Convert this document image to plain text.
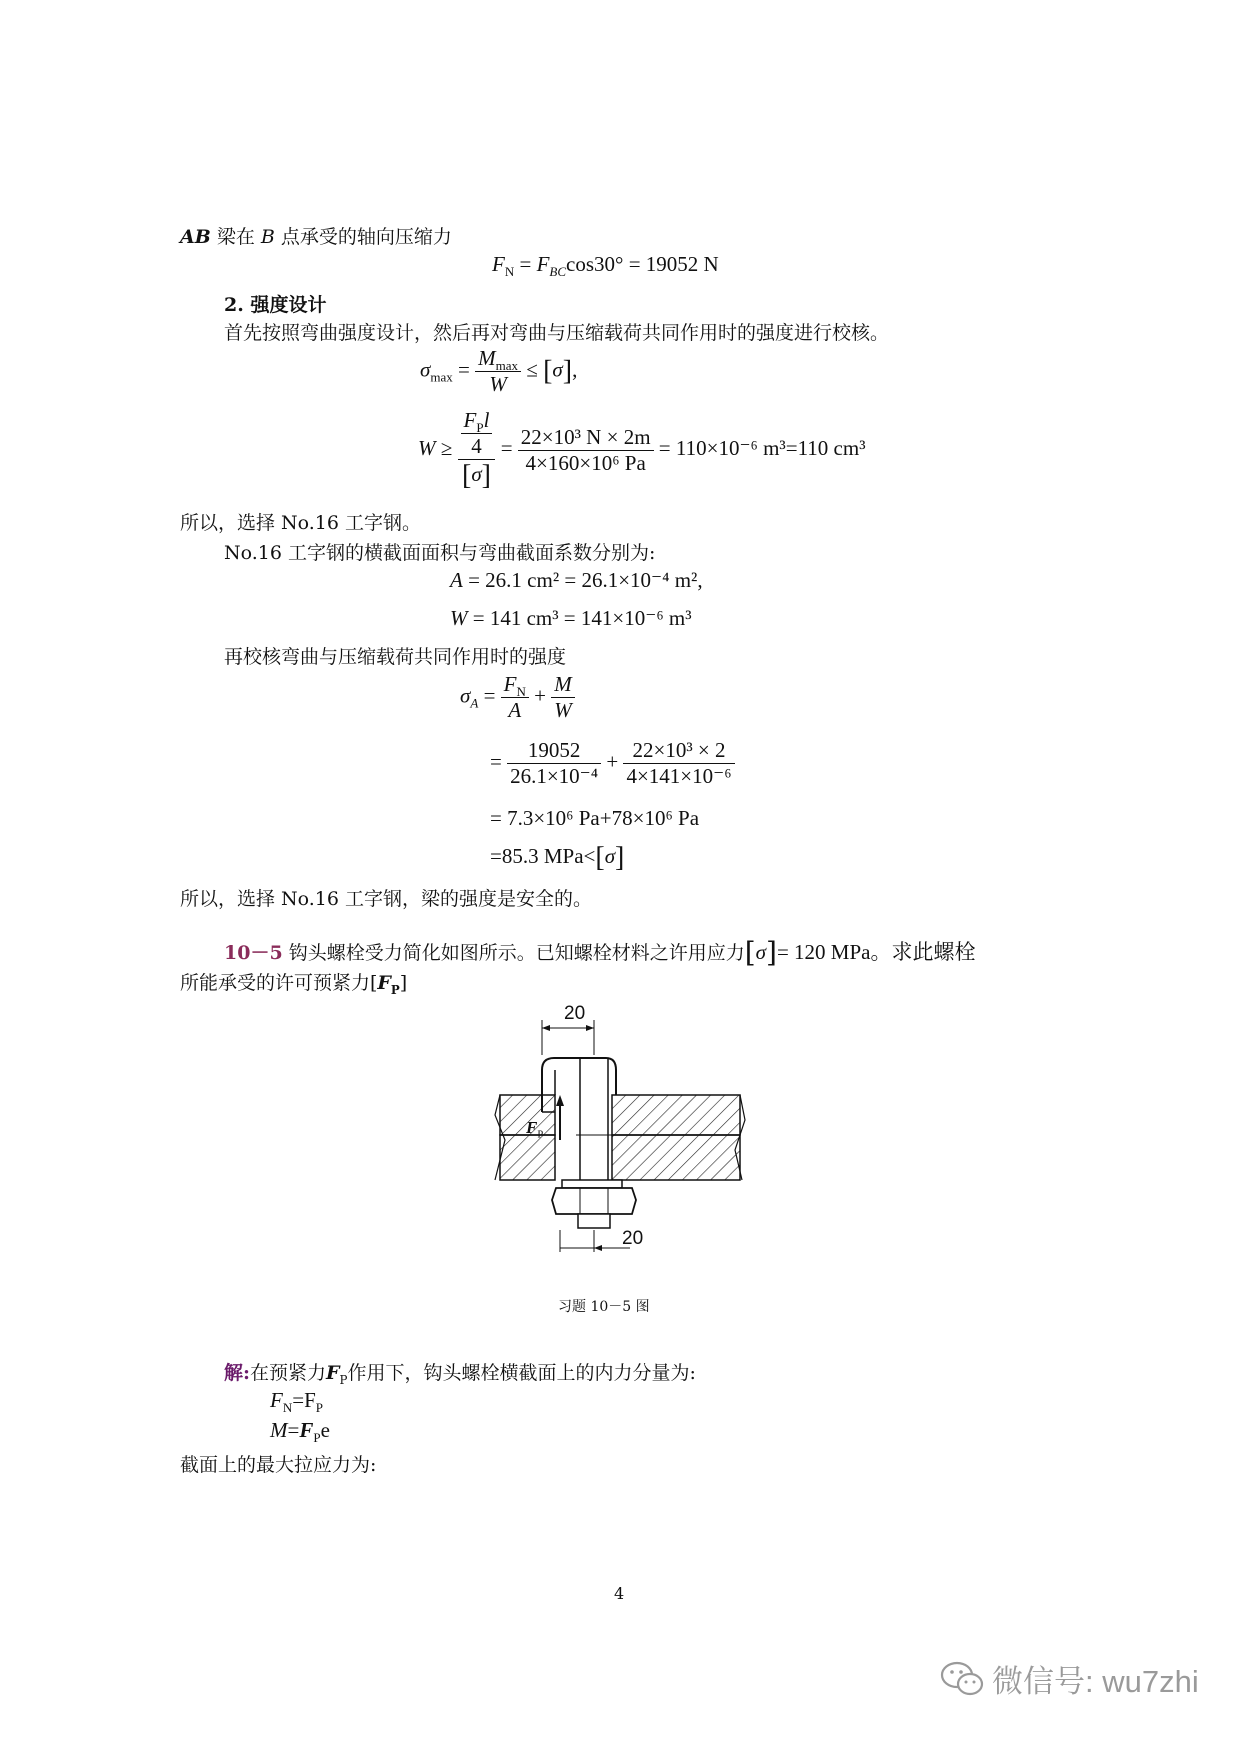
AB 梁在 B 点承受的轴向压缩力
$F_N = F_{BC}\cos 30^\circ = 19052$ N
2. 强度设计
首先按照弯曲强度设计，然后再对弯曲与压缩载荷共同作用时的强度进行校核。
$\sigma_{max} = \frac{M_{max}}{W} \le [\sigma]$,
$W \ge \frac{\frac{F_Pl}{4}}{[\sigma]} = \frac{\text{22×10³ N × 2m}}{\text{4×160×10⁶ Pa}} = 110\times 10^{-6}$ m³=110 cm³
所以，选择 No.16 工字钢。
No.16 工字钢的横截面面积与弯曲截面系数分别为:
A = 26.1 cm² = 26.1×10⁻⁴ m²,
W = 141 cm³ = 141×10⁻⁶ m³
再校核弯曲与压缩载荷共同作用时的强度
$\sigma_A = \frac{F_N}{A} + \frac{M}{W}$
= $\frac{19052}{\text{26.1×10⁻⁴}} + \frac{\text{22×10³ × 2}}{\text{4×141×10⁻⁶}}$
= 7.3×10⁶ Pa+78×10⁶ Pa
=85.3 MPa<[σ]
所以，选择 No.16 工字钢，梁的强度是安全的。
10－5 钩头螺栓受力简化如图所示。已知螺栓材料之许用应力[σ]= 120 MPa。求此螺栓
所能承受的许可预紧力$[F_P]$
20
20
$F_P$
习题 10－5 图
解:在预紧力$F_P$作用下，钩头螺栓横截面上的内力分量为:
$F_N=F_P$
$M=F_Pe$
截面上的最大拉应力为:
4
微信号: wu7zhi
